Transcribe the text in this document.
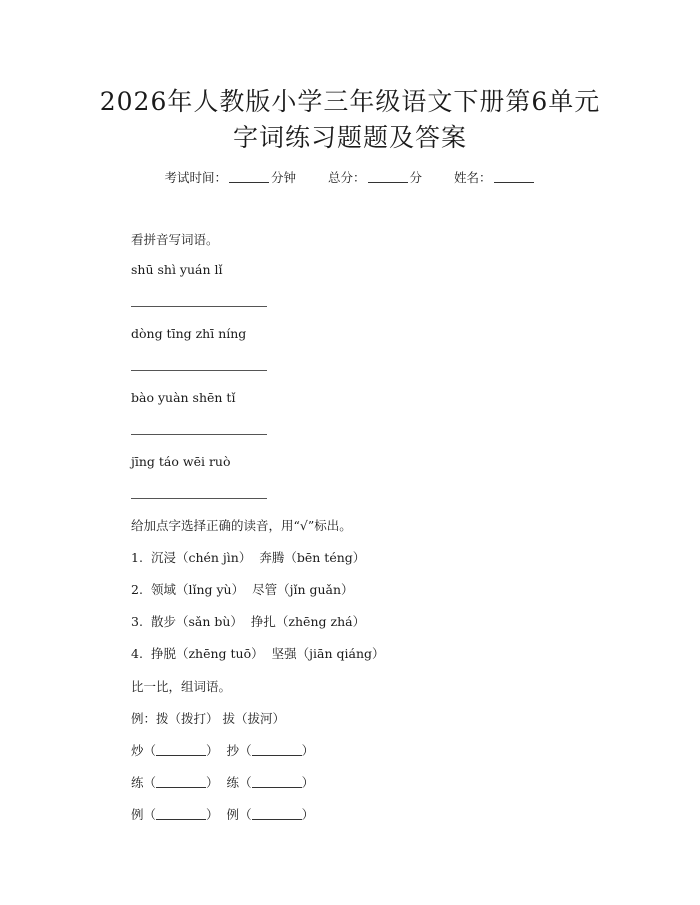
2026年人教版小学三年级语文下册第6单元
字词练习题题及答案
考试时间：	分钟	总分：	分	姓名：
看拼音写词语。
shū shì yuán lǐ
dòng tīng zhī níng
bào yuàn shēn tǐ
jīng táo wēi ruò
给加点字选择正确的读音，用“√”标出。
1. 沉浸（chén jìn） 奔腾（bēn téng）
2. 领域（lǐng yù） 尽管（jǐn guǎn）
3. 散步（sǎn bù） 挣扎（zhēng zhá）
4. 挣脱（zhēng tuō） 坚强（jiān qiáng）
比一比，组词语。
例：拨（拨打） 拔（拔河）
炒（	） 抄（	）
练（	） 练（	）
例（	） 例（	）
